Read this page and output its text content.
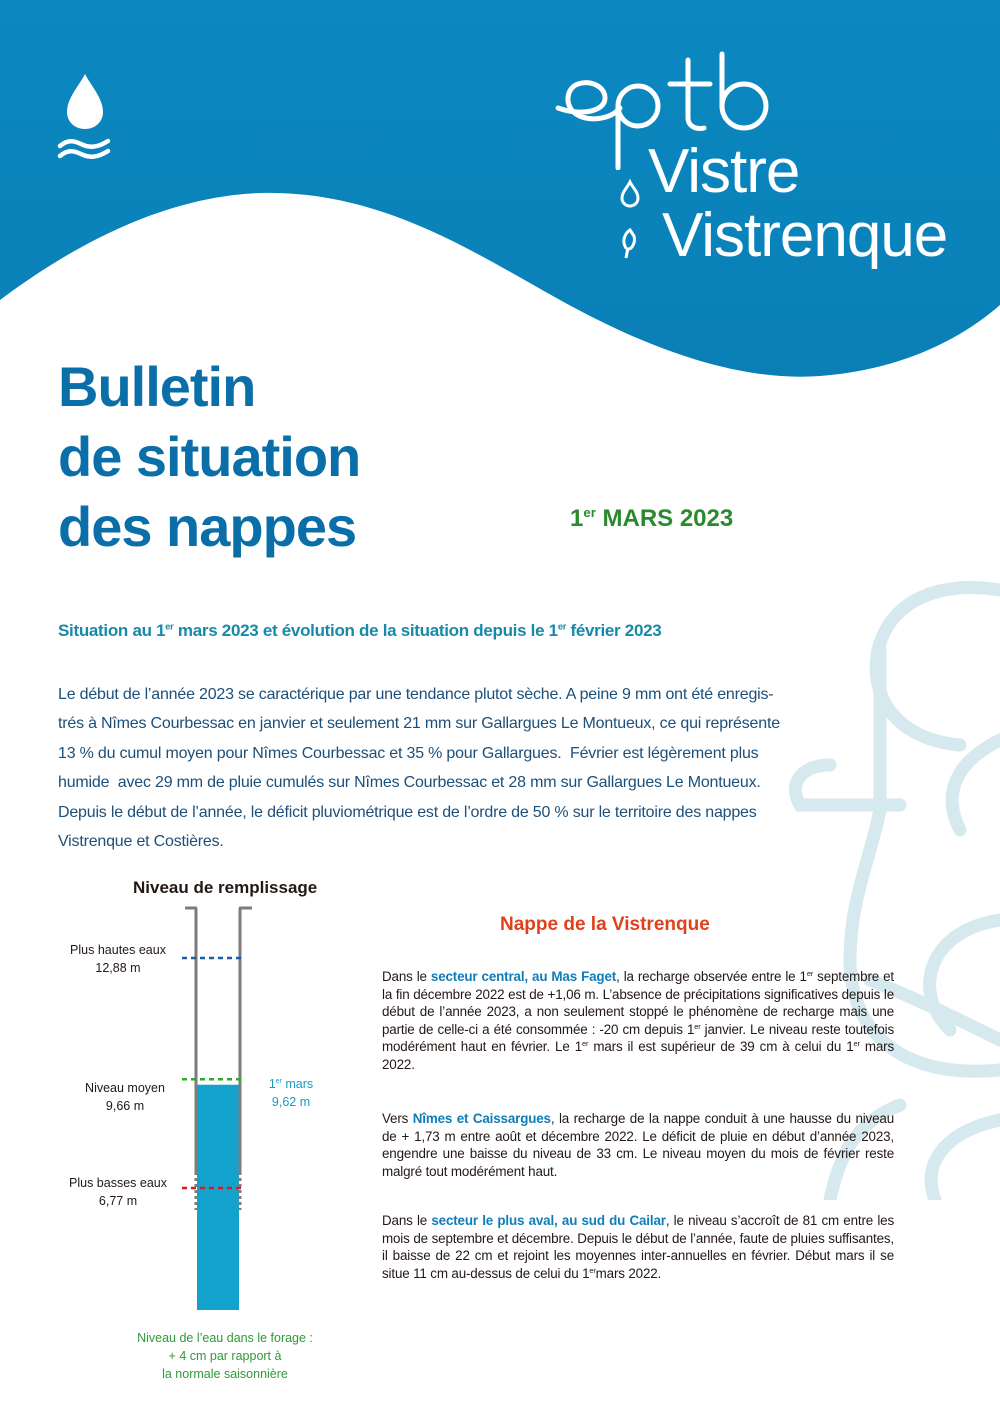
Vistre
Vistrenque
Bulletin
de situation
des nappes	1er MARS 2023
Situation au 1er mars 2023 et évolution de la situation depuis le 1er février 2023
Le début de l’année 2023 se caractérique par une tendance plutot sèche. A peine 9 mm ont été enregis-
trés à Nîmes Courbessac en janvier et seulement 21 mm sur Gallargues Le Montueux, ce qui représente
13 % du cumul moyen pour Nîmes Courbessac et 35 % pour Gallargues.  Février est légèrement plus
humide  avec 29 mm de pluie cumulés sur Nîmes Courbessac et 28 mm sur Gallargues Le Montueux.
Depuis le début de l’année, le déficit pluviométrique est de l’ordre de 50 % sur le territoire des nappes
Vistrenque et Costières.
Niveau de remplissage
Plus hautes eaux
12,88 m
Niveau moyen
9,66 m
Plus basses eaux
6,77 m
1er mars
9,62 m
Niveau de l’eau dans le forage :
+ 4 cm par rapport à
la normale saisonnière
Nappe de la Vistrenque
Dans le secteur central, au Mas Faget, la recharge observée entre le 1er septembre et la fin décembre 2022 est de +1,06 m. L’absence de précipitations significatives depuis le début de l’année 2023, a non seulement stoppé le phénomène de recharge mais une partie de celle-ci a été consommée : -20 cm depuis 1er janvier. Le niveau reste toutefois modérément haut en février. Le 1er mars il est supérieur de 39 cm à celui du 1er mars 2022.
Vers Nîmes et Caissargues, la recharge de la nappe conduit à une hausse du niveau de + 1,73 m entre août et décembre 2022. Le déficit de pluie en début d’année 2023, engendre une baisse du niveau de 33 cm. Le niveau moyen du mois de février reste malgré tout modérément haut.
Dans le secteur le plus aval, au sud du Cailar, le niveau s’accroît de 81 cm entre les mois de septembre et décembre. Depuis le début de l’année, faute de pluies suffisantes, il baisse de 22 cm et rejoint les moyennes inter-annuelles en février. Début mars il se situe 11 cm au-dessus de celui du 1ermars 2022.
